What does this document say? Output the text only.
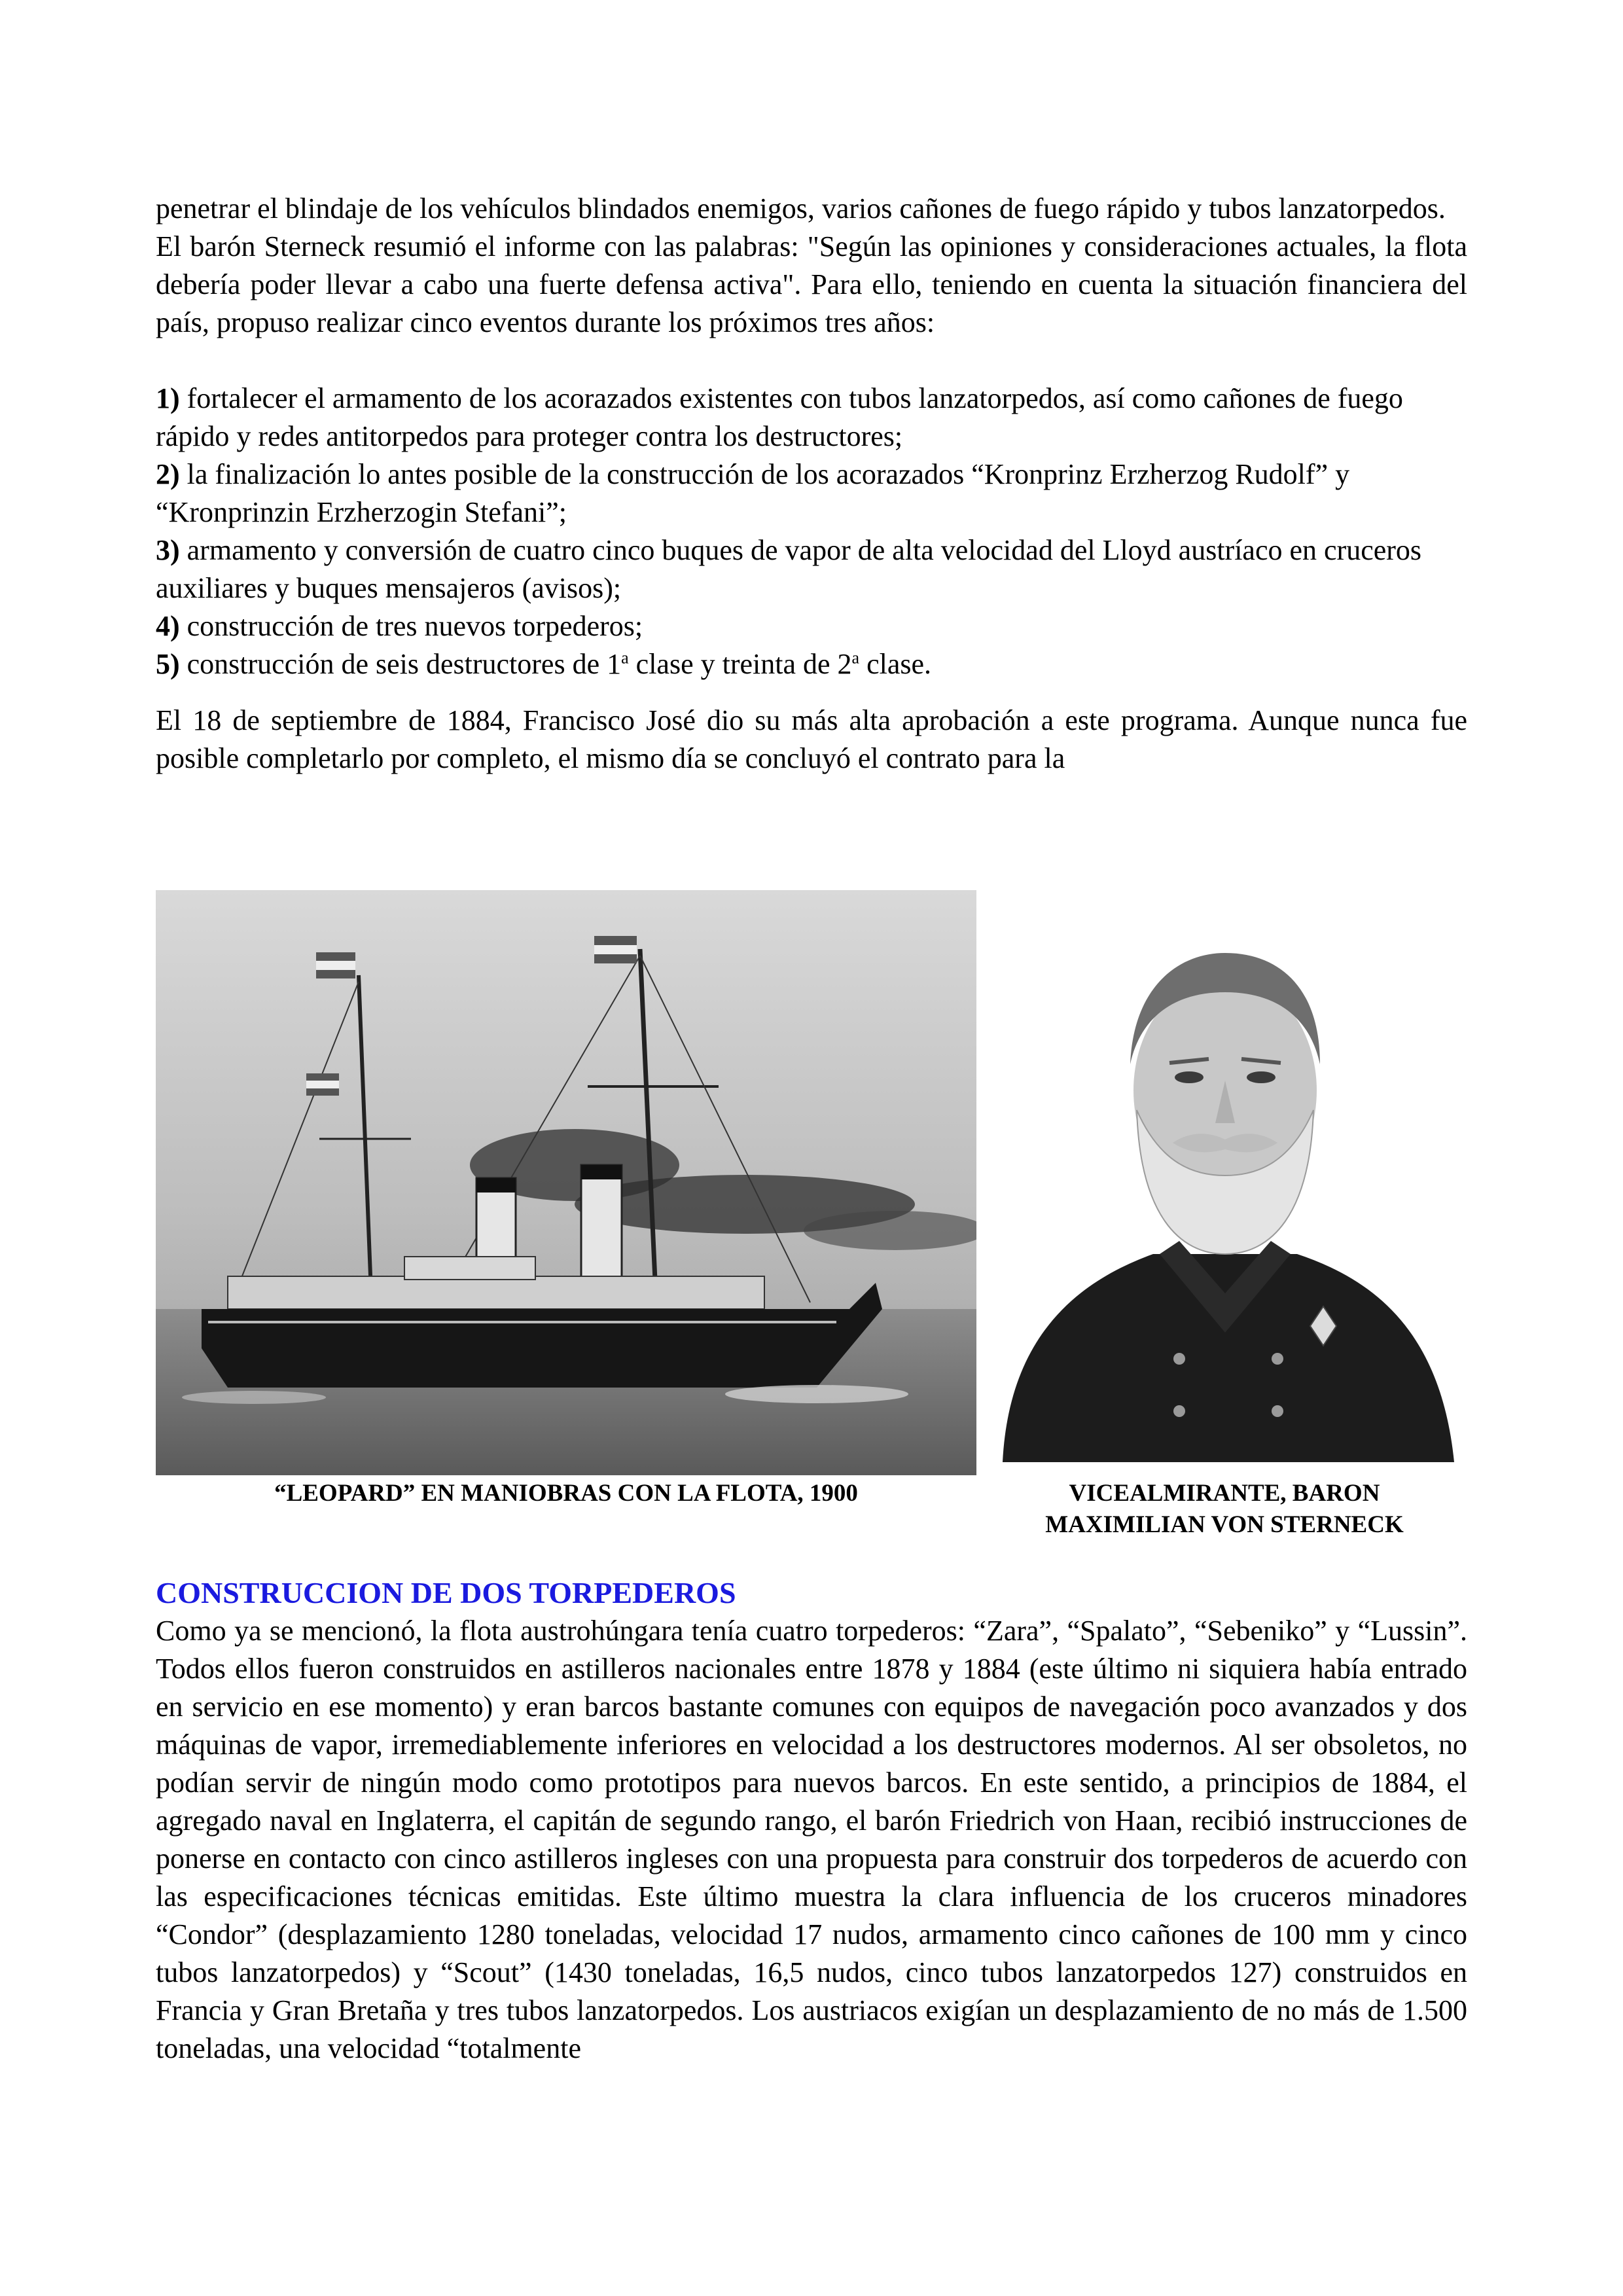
penetrar el blindaje de los vehículos blindados enemigos, varios cañones de fuego rápido y tubos lanzatorpedos.

El barón Sterneck resumió el informe con las palabras: "Según las opiniones y consideraciones actuales, la flota debería poder llevar a cabo una fuerte defensa activa". Para ello, teniendo en cuenta la situación financiera del país, propuso realizar cinco eventos durante los próximos tres años:

1) fortalecer el armamento de los acorazados existentes con tubos lanzatorpedos, así como cañones de fuego rápido y redes antitorpedos para proteger contra los destructores;

2) la finalización lo antes posible de la construcción de los acorazados “Kronprinz Erzherzog Rudolf” y “Kronprinzin Erzherzogin Stefani”;

3) armamento y conversión de cuatro cinco buques de vapor de alta velocidad del Lloyd austríaco en cruceros auxiliares y buques mensajeros (avisos);

4) construcción de tres nuevos torpederos;

5) construcción de seis destructores de 1$^a$ clase y treinta de 2$^a$ clase.

El 18 de septiembre de 1884, Francisco José dio su más alta aprobación a este programa. Aunque nunca fue posible completarlo por completo, el mismo día se concluyó el contrato para la

“LEOPARD” EN MANIOBRAS CON LA FLOTA, 1900	VICEALMIRANTE, BARON
MAXIMILIAN VON STERNECK
CONSTRUCCION DE DOS TORPEDEROS

Como ya se mencionó, la flota austrohúngara tenía cuatro torpederos: “Zara”, “Spalato”, “Sebeniko” y “Lussin”. Todos ellos fueron construidos en astilleros nacionales entre 1878 y 1884 (este último ni siquiera había entrado en servicio en ese momento) y eran barcos bastante comunes con equipos de navegación poco avanzados y dos máquinas de vapor, irremediablemente inferiores en velocidad a los destructores modernos. Al ser obsoletos, no podían servir de ningún modo como prototipos para nuevos barcos. En este sentido, a principios de 1884, el agregado naval en Inglaterra, el capitán de segundo rango, el barón Friedrich von Haan, recibió instrucciones de ponerse en contacto con cinco astilleros ingleses con una propuesta para construir dos torpederos de acuerdo con las especificaciones técnicas emitidas. Este último muestra la clara influencia de los cruceros minadores “Condor” (desplazamiento 1280 toneladas, velocidad 17 nudos, armamento cinco cañones de 100 mm y cinco tubos lanzatorpedos) y “Scout” (1430 toneladas, 16,5 nudos, cinco tubos lanzatorpedos 127) construidos en Francia y Gran Bretaña y tres tubos lanzatorpedos. Los austriacos exigían un desplazamiento de no más de 1.500 toneladas, una velocidad “totalmente
